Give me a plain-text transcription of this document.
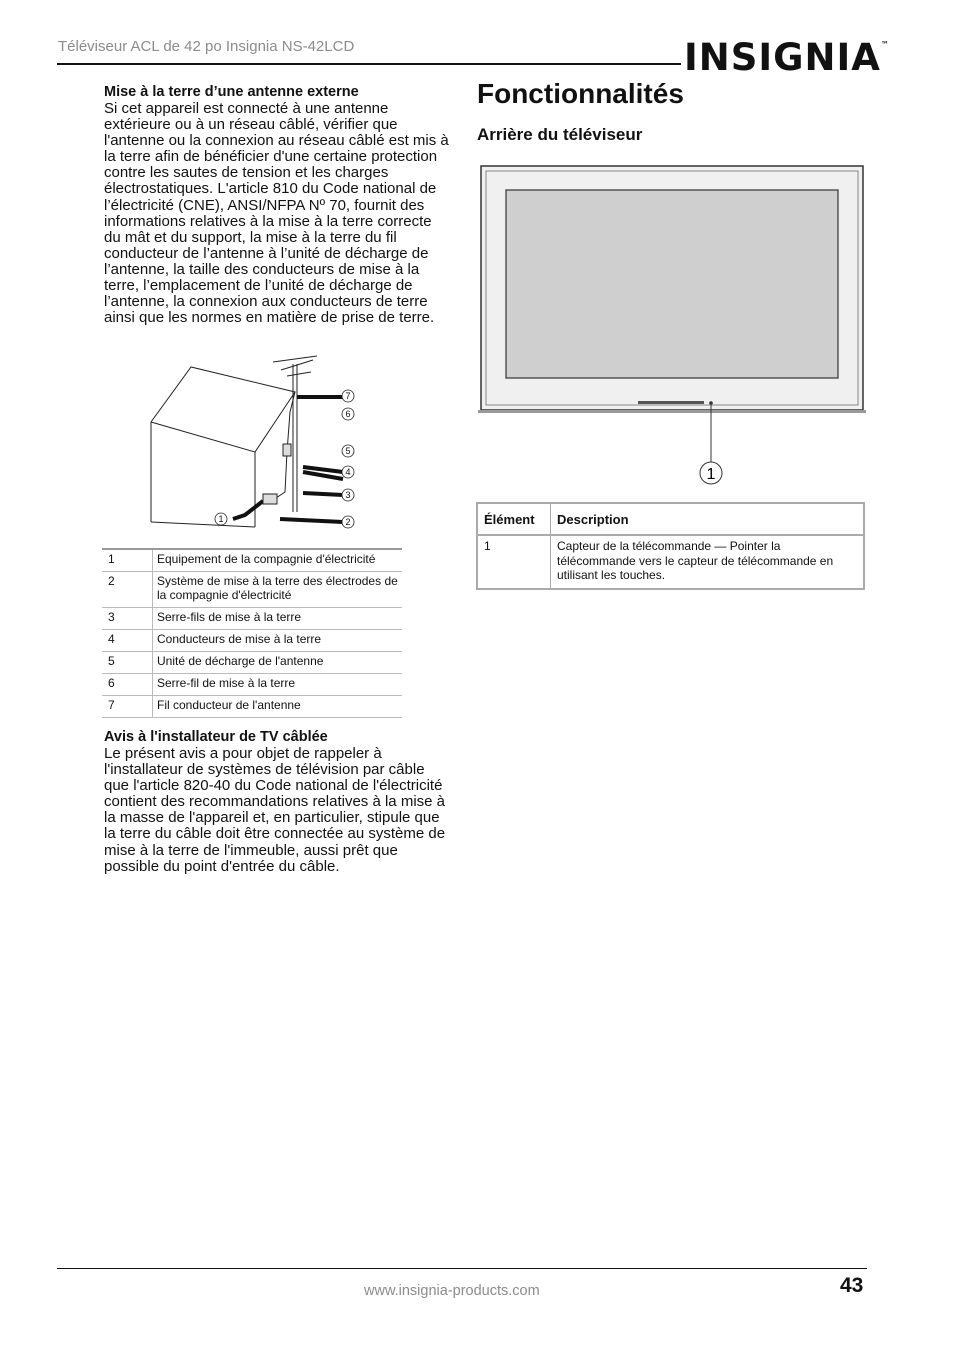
Téléviseur ACL de 42 po Insignia NS-42LCD	INSIGNIA™

Mise à la terre d’une antenne externe

Si cet appareil est connecté à une antenne extérieure ou à un réseau câblé, vérifier que l'antenne ou la connexion au réseau câblé est mis à la terre afin de bénéficier d'une certaine protection contre les sautes de tension et les charges électrostatiques. L'article 810 du Code national de l’électricité (CNE), ANSI/NFPA Nº 70, fournit des informations relatives à la mise à la terre correcte du mât et du support, la mise à la terre du fil conducteur de l’antenne à l’unité de décharge de l’antenne, la taille des conducteurs de mise à la terre, l’emplacement de l’unité de décharge de l’antenne, la connexion aux conducteurs de terre ainsi que les normes en matière de prise de terre.

7
6
5
4
3
2
1
1	Equipement de la compagnie d'électricité
2	Système de mise à la terre des électrodes de la compagnie d'électricité
3	Serre-fils de mise à la terre
4	Conducteurs de mise à la terre
5	Unité de décharge de l'antenne
6	Serre-fil de mise à la terre
7	Fil conducteur de l'antenne

Avis à l'installateur de TV câblée

Le présent avis a pour objet de rappeler à l'installateur de systèmes de télévision par câble que l'article 820-40 du Code national de l'électricité contient des recommandations relatives à la mise à la masse de l'appareil et, en particulier, stipule que la terre du câble doit être connectée au système de mise à la terre de l'immeuble, aussi prêt que possible du point d'entrée du câble.

Fonctionnalités
Arrière du téléviseur
1
Élément	Description
1	Capteur de la télécommande — Pointer la télécommande vers le capteur de télécommande en utilisant les touches.
www.insignia-products.com	43
